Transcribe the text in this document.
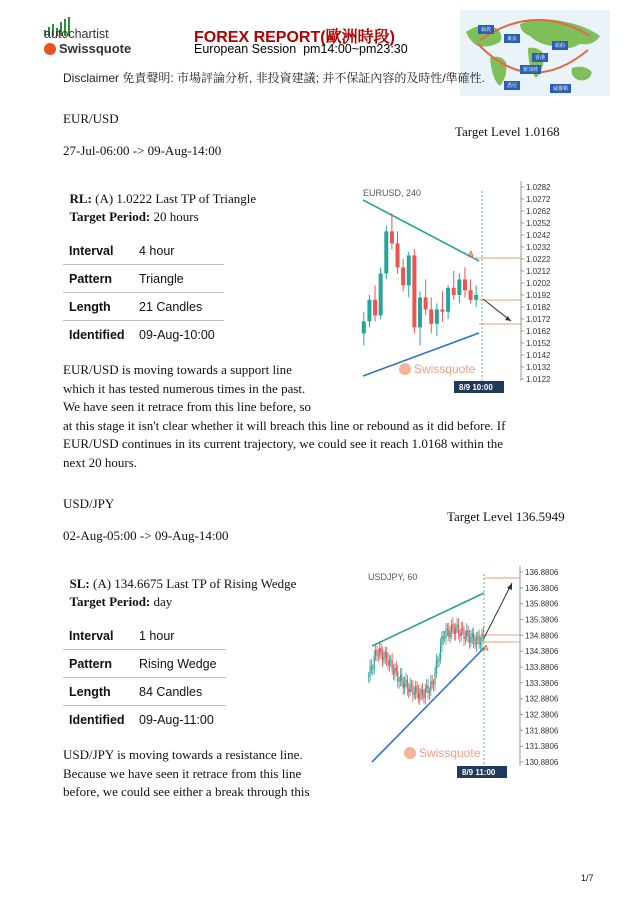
autochartist
Swissquote
FOREX REPORT(歐洲時段)
European Session  pm14:00~pm23:30
倫敦
東京
紐約
香港
新加坡
悉尼	威靈頓
Disclaimer 免責聲明: 市場評論分析, 非投資建議; 并不保証內容的及時性/準確性.
EUR/USD
Target Level 1.0168
27-Jul-06:00 -> 09-Aug-14:00

RL: (A) 1.0222 Last TP of Triangle

Target Period: 20 hours

Interval	4 hour
Pattern	Triangle
Length	21 Candles
Identified	09-Aug-10:00
EUR/USD is moving towards a support line
which it has tested numerous times in the past.
We have seen it retrace from this line before, so
at this stage it isn't clear whether it will breach this line or rebound as it did before. If
EUR/USD continues in its current trajectory, we could see it reach 1.0168 within the
next 20 hours.
EURUSD, 240
1.0282
1.0272
1.0262
1.0252
1.0242
1.0232
1.0222
1.0212
1.0202
1.0192
1.0182
1.0172
1.0162
1.0152
1.0142
1.0132
1.0122
A
Swissquote
8/9 10:00
USD/JPY
Target Level 136.5949
02-Aug-05:00 -> 09-Aug-14:00

SL: (A) 134.6675 Last TP of Rising Wedge

Target Period: day

Interval	1 hour
Pattern	Rising Wedge
Length	84 Candles
Identified	09-Aug-11:00
USD/JPY is moving towards a resistance line.
Because we have seen it retrace from this line
before, we could see either a break through this
USDJPY, 60	136.8806
136.3806
135.8806
135.3806
134.8806
134.3806
133.8806
133.3806
132.8806
132.3806
131.8806
131.3806
130.8806
A
Swissquote
8/9 11:00
1/7
